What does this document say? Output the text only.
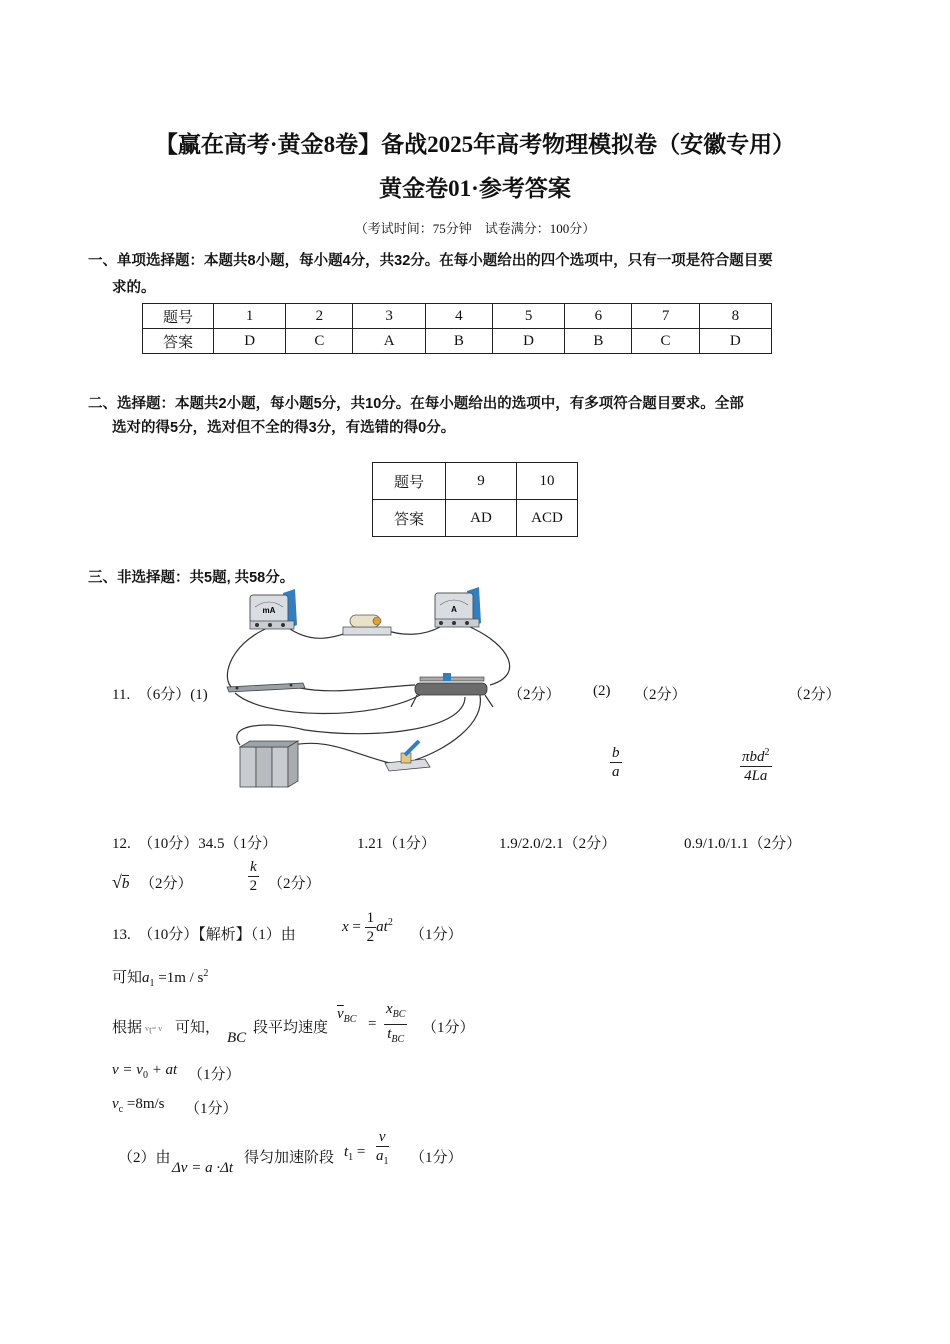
【赢在高考·黄金8卷】备战2025年高考物理模拟卷（安徽专用）
黄金卷01·参考答案
（考试时间：75分钟　试卷满分：100分）
一、单项选择题：本题共8小题，每小题4分，共32分。在每小题给出的四个选项中，只有一项是符合题目要
求的。
题号	1	2	3	4	5	6	7	8
答案	D	C	A	B	D	B	C	D
二、选择题：本题共2小题，每小题5分，共10分。在每小题给出的选项中，有多项符合题目要求。全部
选对的得5分，选对但不全的得3分，有选错的得0分。
题号	9	10
答案	AD	ACD
三、非选择题：共5题, 共58分。
mA	A
11.　（6分）(1)	（2分） (2) （2分）	（2分）
$\frac{b}{a}$	$\frac{\pi bd^2}{4La}$
12.　（10分）34.5（1分）	1.21（1分）	1.9/2.0/2.1（2分）	0.9/1.0/1.1（2分）
√b （2分）	$\frac{k}{2} (2$分）
13.　（10分）【解析】（1）由
$x = \frac{1}{2} at^2$
（1分）
可知$a_1 =1m / s^2$
根据 $v_t= v$ 可知，
BC
段平均速度
$\overline{v}_{BC} = \frac{x_{BC}}{t_{BC}} (1$分）
$v = v_0$ + at （1分）
$v_c =8m/s$ （1分）
（2）由
Δv = a ·Δt
得匀加速阶段 $t_1 = \frac{v}{a_1} (1$分）
